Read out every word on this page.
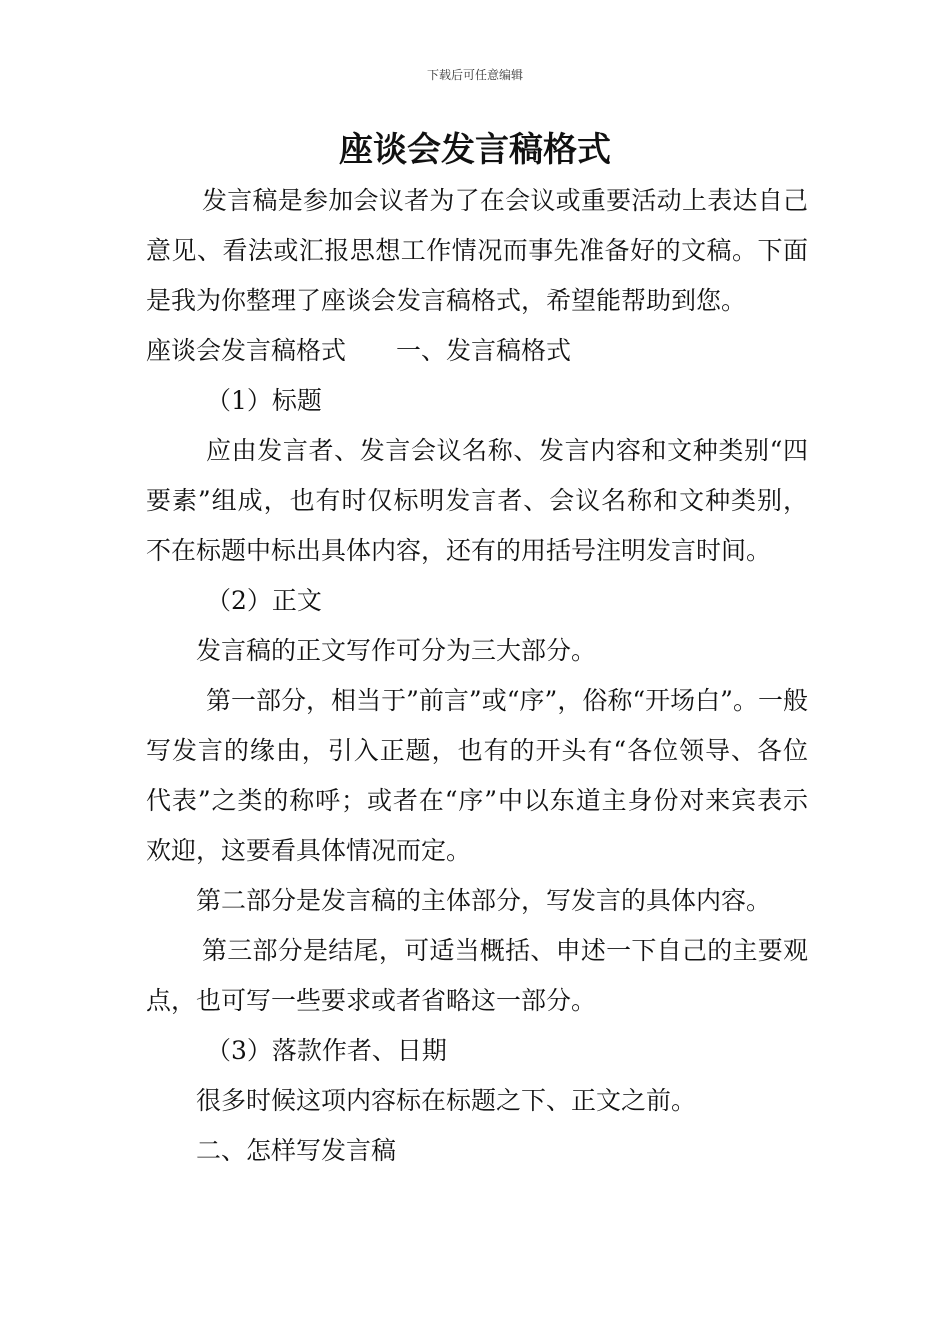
下载后可任意编辑
座谈会发言稿格式

发言稿是参加会议者为了在会议或重要活动上表达自己意见、看法或汇报思想工作情况而事先准备好的文稿。下面是我为你整理了座谈会发言稿格式，希望能帮助到您。

座谈会发言稿格式　　一、发言稿格式

（1）标题

应由发言者、发言会议名称、发言内容和文种类别“四要素”组成，也有时仅标明发言者、会议名称和文种类别，不在标题中标出具体内容，还有的用括号注明发言时间。

（2）正文

发言稿的正文写作可分为三大部分。

第一部分，相当于”前言”或“序”，俗称“开场白”。一般写发言的缘由，引入正题，也有的开头有“各位领导、各位代表”之类的称呼；或者在“序”中以东道主身份对来宾表示欢迎，这要看具体情况而定。

第二部分是发言稿的主体部分，写发言的具体内容。

第三部分是结尾，可适当概括、申述一下自己的主要观点，也可写一些要求或者省略这一部分。

（3）落款作者、日期

很多时候这项内容标在标题之下、正文之前。

二、怎样写发言稿
